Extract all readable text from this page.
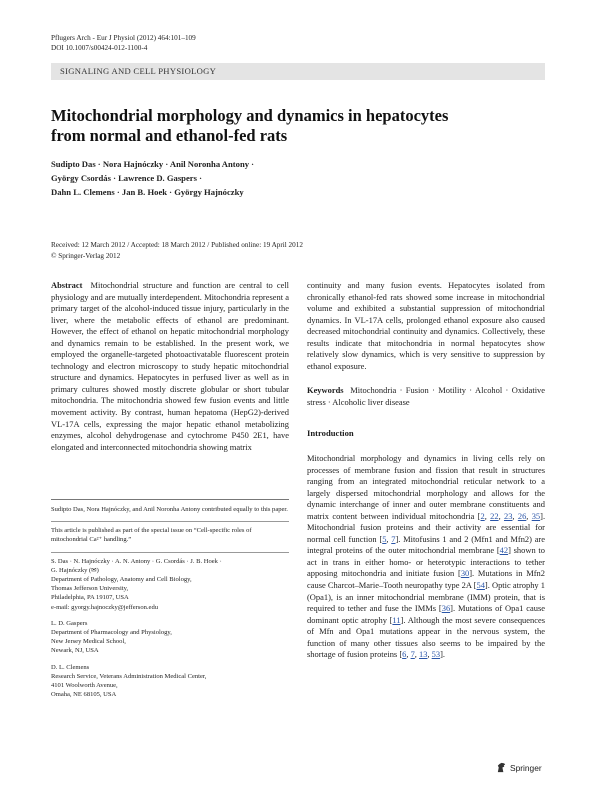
Pflugers Arch - Eur J Physiol (2012) 464:101–109
DOI 10.1007/s00424-012-1100-4
SIGNALING AND CELL PHYSIOLOGY
Mitochondrial morphology and dynamics in hepatocytes
from normal and ethanol-fed rats
Sudipto Das · Nora Hajnóczky · Anil Noronha Antony ·
György Csordás · Lawrence D. Gaspers ·
Dahn L. Clemens · Jan B. Hoek · György Hajnóczky
Received: 12 March 2012 / Accepted: 18 March 2012 / Published online: 19 April 2012
© Springer-Verlag 2012

Abstract Mitochondrial structure and function are central to cell physiology and are mutually interdependent. Mitochondria represent a primary target of the alcohol-induced tissue injury, particularly in the liver, where the metabolic effects of ethanol are predominant. However, the effect of ethanol on hepatic mitochondrial morphology and dynamics remain to be established. In the present work, we employed the organelle-targeted photoactivatable fluorescent protein technology and electron microscopy to study hepatic mitochondrial structure and dynamics. Hepatocytes in perfused liver as well as in primary cultures showed mostly discrete globular or short tubular mitochondria. The mitochondria showed few fusion events and little movement activity. By contrast, human hepatoma (HepG2)-derived VL-17A cells, expressing the major hepatic ethanol metabolizing enzymes, alcohol dehydrogenase and cytochrome P450 2E1, have elongated and interconnected mitochondria showing matrix

Sudipto Das, Nora Hajnóczky, and Anil Noronha Antony contributed equally to this paper.
This article is published as part of the special issue on “Cell-specific roles of mitochondrial Ca²⁺ handling.”
S. Das · N. Hajnóczky · A. N. Antony · G. Csordás · J. B. Hoek ·
G. Hajnóczky (✉)
Department of Pathology, Anatomy and Cell Biology,
Thomas Jefferson University,
Philadelphia, PA 19107, USA
e-mail: gyorgy.hajnoczky@jefferson.edu
L. D. Gaspers
Department of Pharmacology and Physiology,
New Jersey Medical School,
Newark, NJ, USA
D. L. Clemens
Research Service, Veterans Administration Medical Center,
4101 Woolworth Avenue,
Omaha, NE 68105, USA

continuity and many fusion events. Hepatocytes isolated from chronically ethanol-fed rats showed some increase in mitochondrial volume and exhibited a substantial suppression of mitochondrial dynamics. In VL-17A cells, prolonged ethanol exposure also caused decreased mitochondrial continuity and dynamics. Collectively, these results indicate that mitochondria in normal hepatocytes show relatively slow dynamics, which is very sensitive to suppression by ethanol exposure.

Keywords Mitochondria · Fusion · Motility · Alcohol · Oxidative stress · Alcoholic liver disease

Introduction

Mitochondrial morphology and dynamics in living cells rely on processes of membrane fusion and fission that result in structures ranging from an integrated mitochondrial reticular network to a largely dispersed mitochondrial morphology and allows for the dynamic interchange of inner and outer membrane constituents and matrix content between individual mitochondria [2, 22, 23, 26, 35]. Mitochondrial fusion proteins and their activity are essential for normal cell function [5, 7]. Mitofusins 1 and 2 (Mfn1 and Mfn2) are integral proteins of the outer mitochondrial membrane [42] shown to act in trans in either homo- or heterotypic interactions to tether apposing mitochondria and initiate fusion [30]. Mutations in Mfn2 cause Charcot–Marie–Tooth neuropathy type 2A [54]. Optic atrophy 1 (Opa1), is an inner mitochondrial membrane (IMM) protein, that is required to tether and fuse the IMMs [36]. Mutations of Opa1 cause dominant optic atrophy [11]. Although the most severe consequences of Mfn and Opa1 mutations appear in the nervous system, the function of many other tissues also seems to be impaired by the shortage of fusion proteins [6, 7, 13, 53].

Springer
